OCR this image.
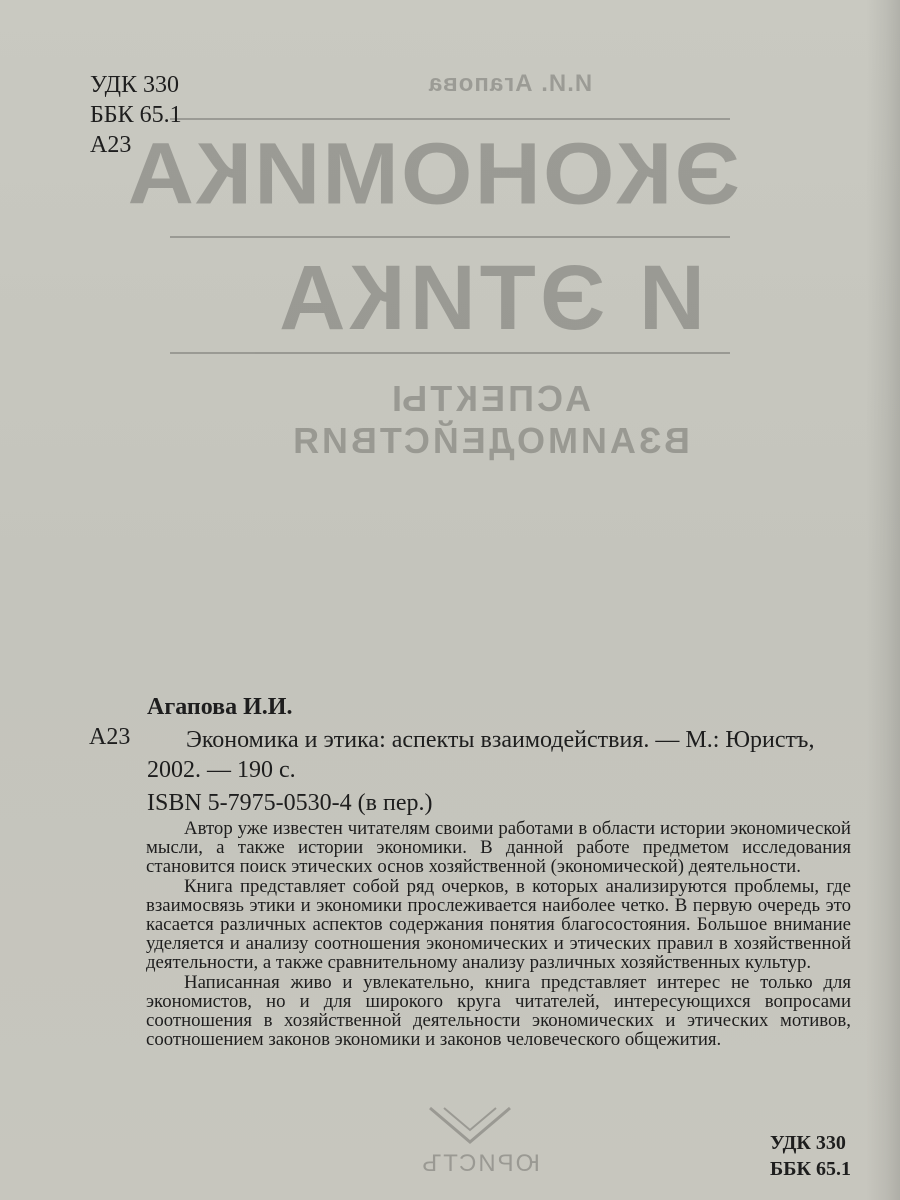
И.И. Агапова
ЭКОНОМИКА
И ЭТИКА
АСПЕКТЫ
ВЗАИМОДЕЙСТВИЯ
ЮРИСТЪ
УДК 330
ББК 65.1
А23
Агапова И.И.
А23 Экономика и этика: аспекты взаимодействия. — М.: Юристъ,
2002. — 190 с.
ISBN 5-7975-0530-4 (в пер.)

Автор уже известен читателям своими работами в области истории экономической мысли, а также истории экономики. В данной работе предметом исследования становится поиск этических основ хозяйственной (экономической) деятельности.

Книга представляет собой ряд очерков, в которых анализируются проблемы, где взаимосвязь этики и экономики прослеживается наиболее четко. В первую очередь это касается различных аспектов содержания понятия благосостояния. Большое внимание уделяется и анализу соотношения экономических и этических правил в хозяйственной деятельности, а также сравнительному анализу различных хозяйственных культур.

Написанная живо и увлекательно, книга представляет интерес не только для экономистов, но и для широкого круга читателей, интересующихся вопросами соотношения в хозяйственной деятельности экономических и этических мотивов, соотношением законов экономики и законов человеческого общежития.

УДК 330
ББК 65.1
